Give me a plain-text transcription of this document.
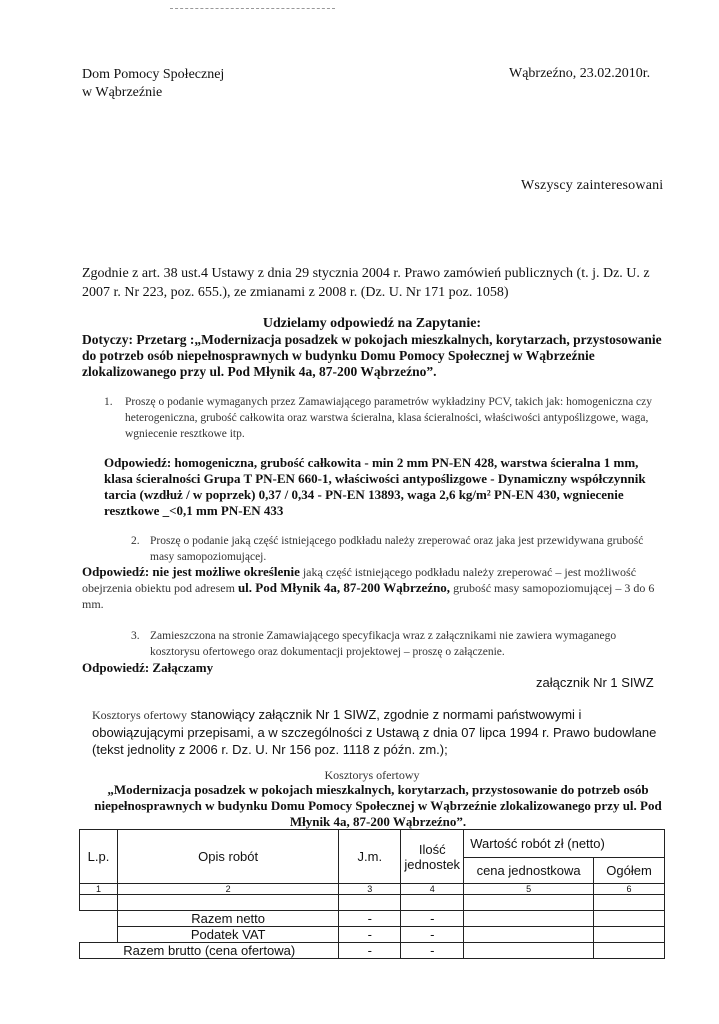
Dom Pomocy Społecznej
w Wąbrzeźnie
Wąbrzeźno, 23.02.2010r.
Wszyscy zainteresowani
Zgodnie z art. 38 ust.4 Ustawy z dnia 29 stycznia 2004 r. Prawo zamówień publicznych (t. j. Dz. U. z 2007 r. Nr 223, poz. 655.), ze zmianami z 2008 r. (Dz. U. Nr 171 poz. 1058)
Udzielamy odpowiedź na Zapytanie:
Dotyczy: Przetarg :„Modernizacja posadzek w pokojach mieszkalnych, korytarzach, przystosowanie do potrzeb osób niepełnosprawnych w budynku Domu Pomocy Społecznej w Wąbrzeźnie zlokalizowanego przy ul. Pod Młynik 4a, 87-200 Wąbrzeźno”.
1.	Proszę o podanie wymaganych przez Zamawiającego parametrów wykładziny PCV, takich jak: homogeniczna czy heterogeniczna, grubość całkowita oraz warstwa ścieralna, klasa ścieralności, właściwości antypoślizgowe, waga, wgniecenie resztkowe itp.
Odpowiedź: homogeniczna, grubość całkowita - min 2 mm PN-EN 428, warstwa ścieralna 1 mm, klasa ścieralności Grupa T PN-EN 660-1, właściwości antypoślizgowe - Dynamiczny współczynnik tarcia (wzdłuż / w poprzek) 0,37 / 0,34 - PN-EN 13893, waga 2,6 kg/m² PN-EN 430, wgniecenie resztkowe _<0,1 mm PN-EN 433
2. Proszę o podanie jaką część istniejącego podkładu należy zreperować oraz jaka jest przewidywana grubość masy samopoziomującej.
Odpowiedź: nie jest możliwe określenie jaką część istniejącego podkładu należy zreperować – jest możliwość obejrzenia obiektu pod adresem ul. Pod Młynik 4a, 87-200 Wąbrzeźno, grubość masy samopoziomującej – 3 do 6 mm.
3. Zamieszczona na stronie Zamawiającego specyfikacja wraz z załącznikami nie zawiera wymaganego kosztorysu ofertowego oraz dokumentacji projektowej – proszę o załączenie.
Odpowiedź: Załączamy
załącznik Nr 1 SIWZ
Kosztorys ofertowy stanowiący załącznik Nr 1 SIWZ, zgodnie z normami państwowymi i obowiązującymi przepisami, a w szczególności z Ustawą z dnia 07 lipca 1994 r. Prawo budowlane (tekst jednolity z 2006 r. Dz. U. Nr 156 poz. 1118 z późn. zm.);
Kosztorys ofertowy
„Modernizacja posadzek w pokojach mieszkalnych, korytarzach, przystosowanie do potrzeb osób niepełnosprawnych w budynku Domu Pomocy Społecznej w Wąbrzeźnie zlokalizowanego przy ul. Pod Młynik 4a, 87-200 Wąbrzeźno”.
L.p.	Opis robót	J.m.	Ilość jednostek	Wartość robót zł (netto)	
				cena jednostkowa	Ogółem
1	2	3	4	5	6

	Razem netto	-	-		
	Podatek VAT	-	-		
Razem brutto (cena ofertowa)		-	-		
